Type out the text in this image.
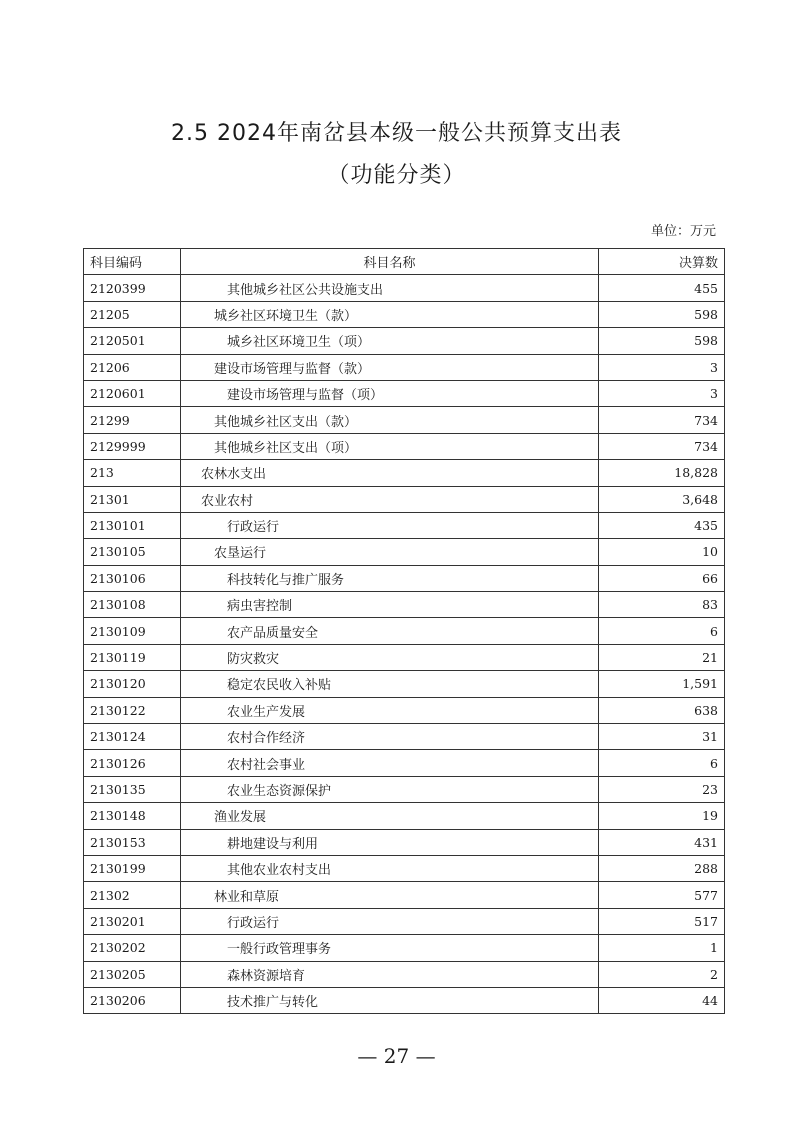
2.5 2024年南岔县本级一般公共预算支出表
（功能分类）
单位：万元
科目编码	科目名称	决算数
2120399	其他城乡社区公共设施支出	455
21205	城乡社区环境卫生（款）	598
2120501	城乡社区环境卫生（项）	598
21206	建设市场管理与监督（款）	3
2120601	建设市场管理与监督（项）	3
21299	其他城乡社区支出（款）	734
2129999	其他城乡社区支出（项）	734
213	农林水支出	18,828
21301	农业农村	3,648
2130101	行政运行	435
2130105	农垦运行	10
2130106	科技转化与推广服务	66
2130108	病虫害控制	83
2130109	农产品质量安全	6
2130119	防灾救灾	21
2130120	稳定农民收入补贴	1,591
2130122	农业生产发展	638
2130124	农村合作经济	31
2130126	农村社会事业	6
2130135	农业生态资源保护	23
2130148	渔业发展	19
2130153	耕地建设与利用	431
2130199	其他农业农村支出	288
21302	林业和草原	577
2130201	行政运行	517
2130202	一般行政管理事务	1
2130205	森林资源培育	2
2130206	技术推广与转化	44
— 27 —
